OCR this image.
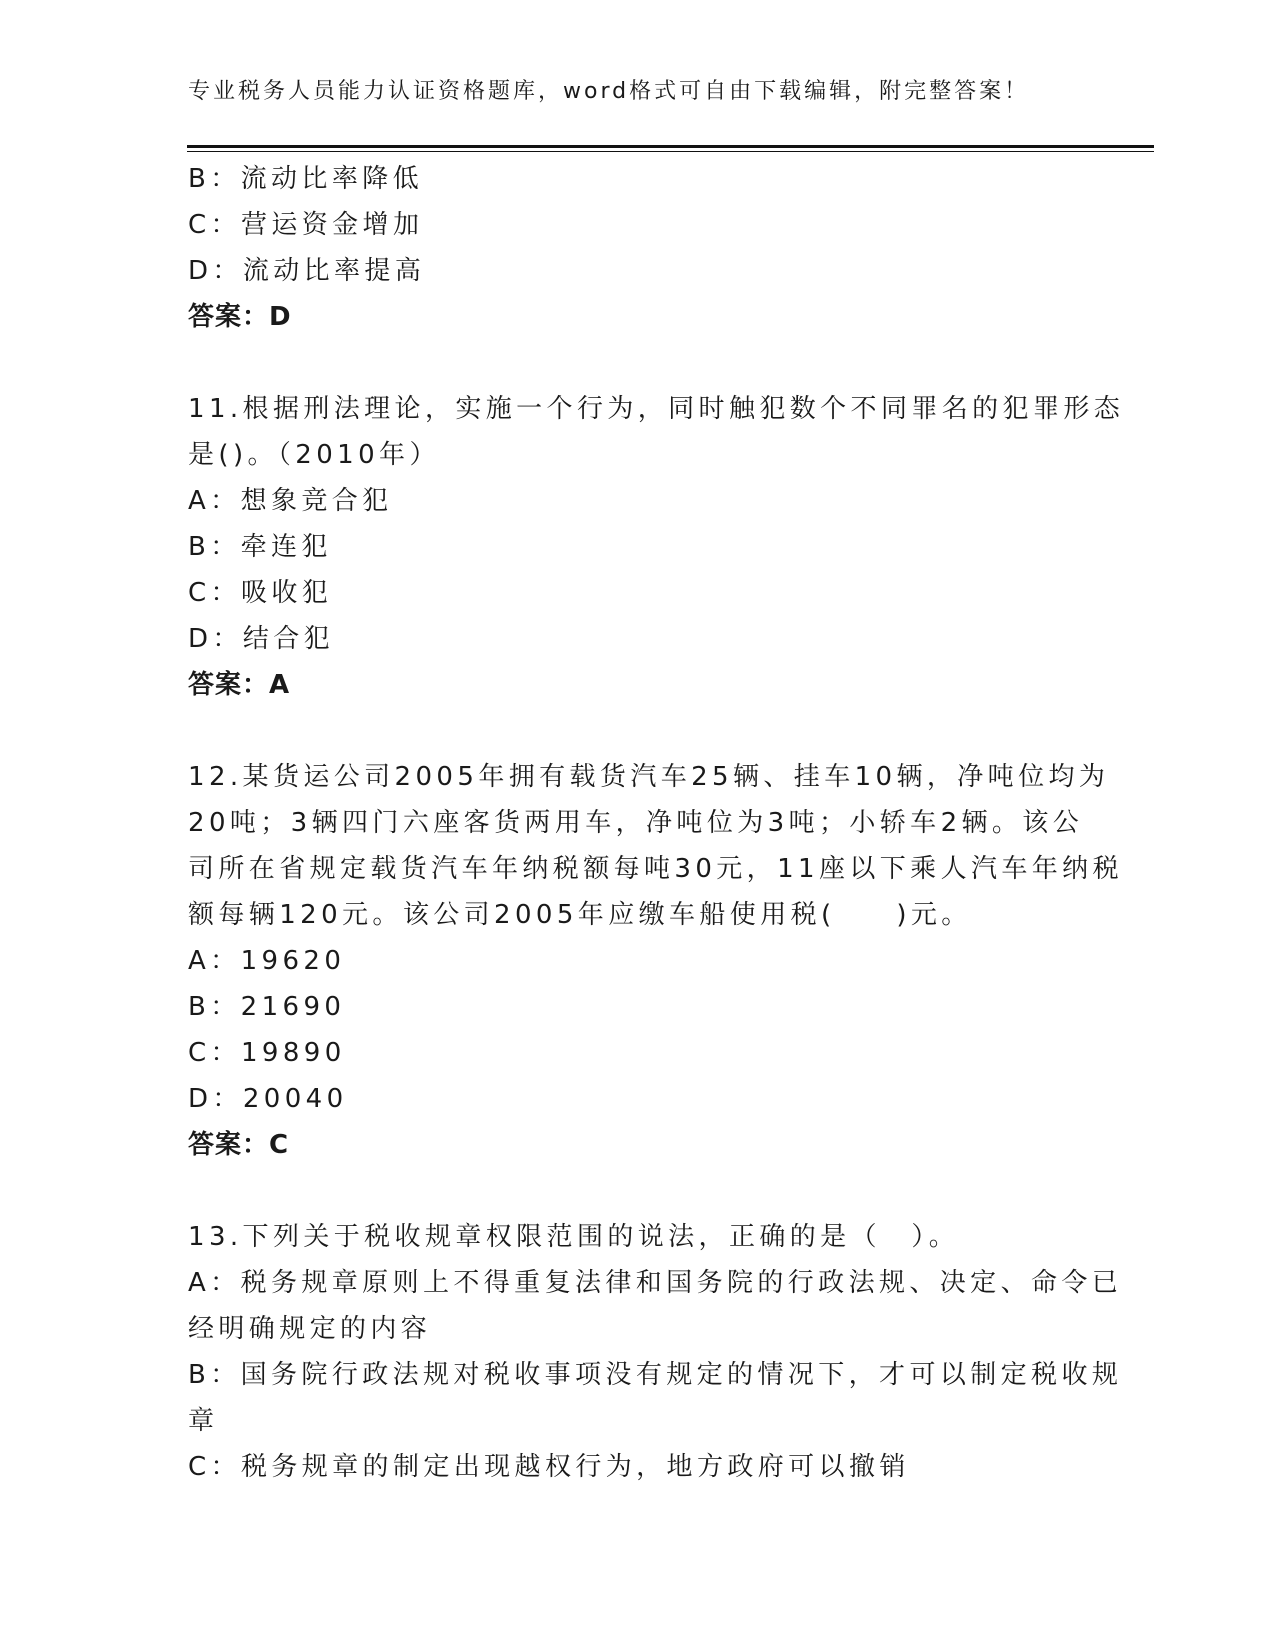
专业税务人员能力认证资格题库，word格式可自由下载编辑，附完整答案！
B：流动比率降低
C：营运资金增加
D：流动比率提高
答案：D
11.根据刑法理论，实施一个行为，同时触犯数个不同罪名的犯罪形态
是()。（2010年）
A：想象竞合犯
B：牵连犯
C：吸收犯
D：结合犯
答案：A
12.某货运公司2005年拥有载货汽车25辆、挂车10辆，净吨位均为
20吨；3辆四门六座客货两用车，净吨位为3吨；小轿车2辆。该公
司所在省规定载货汽车年纳税额每吨30元，11座以下乘人汽车年纳税
额每辆120元。该公司2005年应缴车船使用税(　　)元。
A：19620
B：21690
C：19890
D：20040
答案：C
13.下列关于税收规章权限范围的说法，正确的是（　）。
A：税务规章原则上不得重复法律和国务院的行政法规、决定、命令已
经明确规定的内容
B：国务院行政法规对税收事项没有规定的情况下，才可以制定税收规
章
C：税务规章的制定出现越权行为，地方政府可以撤销
